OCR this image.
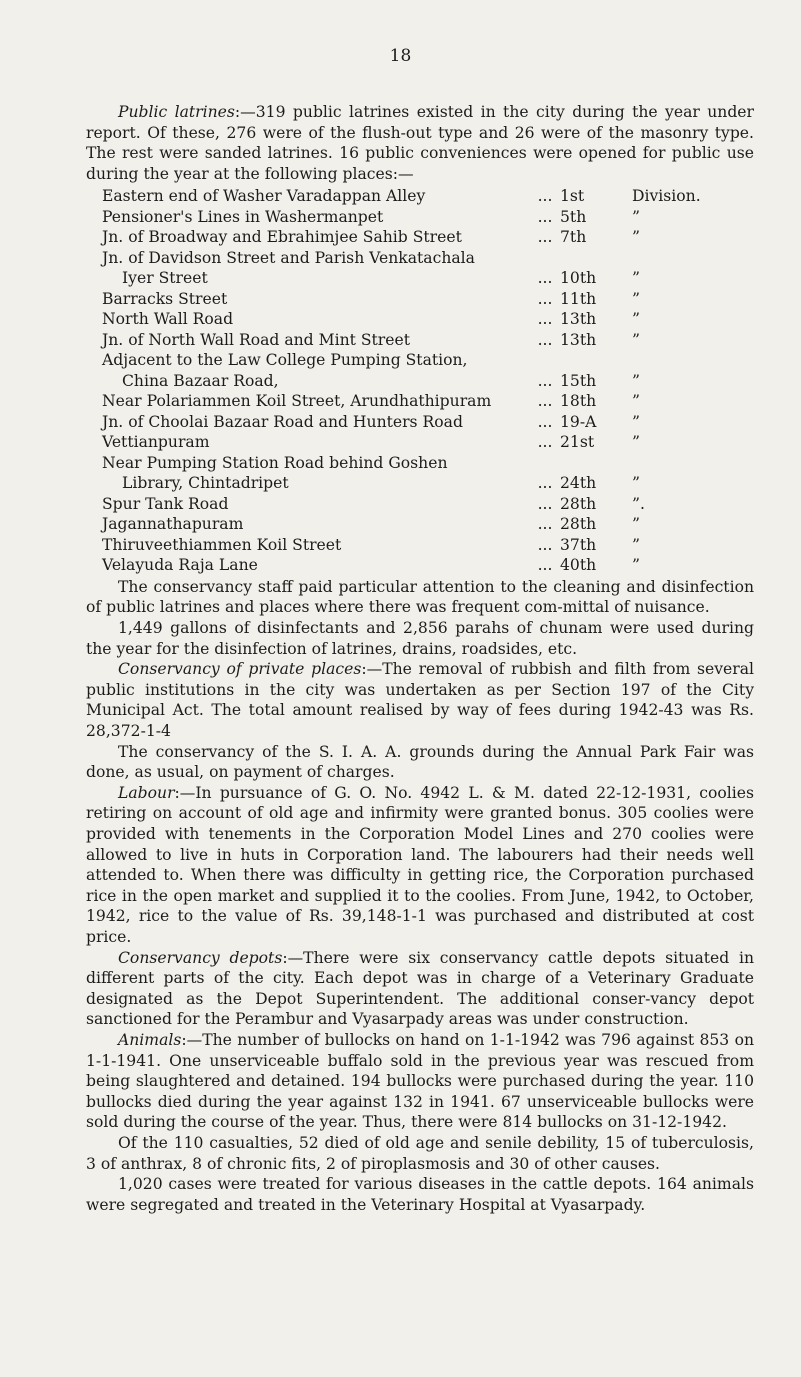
18

Public latrines:—319 public latrines existed in the city during the year under report. Of these, 276 were of the flush-out type and 26 were of the masonry type. The rest were sanded latrines. 16 public conveniences were opened for public use during the year at the following places:—

Eastern end of Washer Varadappan Alley	... 1st	Division.
Pensioner's Lines in Washermanpet	... 5th	”
Jn. of Broadway and Ebrahimjee Sahib Street	... 7th	”
Jn. of Davidson Street and Parish Venkatachala
Iyer Street	... 10th	”
Barracks Street	... 11th	”
North Wall Road	... 13th	”
Jn. of North Wall Road and Mint Street	... 13th	”
Adjacent to the Law College Pumping Station,
China Bazaar Road,	... 15th	”
Near Polariammen Koil Street, Arundhathipuram	... 18th	”
Jn. of Choolai Bazaar Road and Hunters Road	... 19-A	”
Vettianpuram	... 21st	”
Near Pumping Station Road behind Goshen
Library, Chintadripet	... 24th	”
Spur Tank Road	... 28th	”.
Jagannathapuram	... 28th	”
Thiruveethiammen Koil Street	... 37th	”
Velayuda Raja Lane	... 40th	”

The conservancy staff paid particular attention to the cleaning and disinfection of public latrines and places where there was frequent com-mittal of nuisance.

1,449 gallons of disinfectants and 2,856 parahs of chunam were used during the year for the disinfection of latrines, drains, roadsides, etc.

Conservancy of private places:—The removal of rubbish and filth from several public institutions in the city was undertaken as per Section 197 of the City Municipal Act. The total amount realised by way of fees during 1942-43 was Rs. 28,372-1-4

The conservancy of the S. I. A. A. grounds during the Annual Park Fair was done, as usual, on payment of charges.

Labour:—In pursuance of G. O. No. 4942 L. & M. dated 22-12-1931, coolies retiring on account of old age and infirmity were granted bonus. 305 coolies were provided with tenements in the Corporation Model Lines and 270 coolies were allowed to live in huts in Corporation land. The labourers had their needs well attended to. When there was difficulty in getting rice, the Corporation purchased rice in the open market and supplied it to the coolies. From June, 1942, to October, 1942, rice to the value of Rs. 39,148-1-1 was purchased and distributed at cost price.

Conservancy depots:—There were six conservancy cattle depots situated in different parts of the city. Each depot was in charge of a Veterinary Graduate designated as the Depot Superintendent. The additional conser-vancy depot sanctioned for the Perambur and Vyasarpady areas was under construction.

Animals:—The number of bullocks on hand on 1-1-1942 was 796 against 853 on 1-1-1941. One unserviceable buffalo sold in the previous year was rescued from being slaughtered and detained. 194 bullocks were purchased during the year. 110 bullocks died during the year against 132 in 1941. 67 unserviceable bullocks were sold during the course of the year. Thus, there were 814 bullocks on 31-12-1942.

Of the 110 casualties, 52 died of old age and senile debility, 15 of tuberculosis, 3 of anthrax, 8 of chronic fits, 2 of piroplasmosis and 30 of other causes.

1,020 cases were treated for various diseases in the cattle depots. 164 animals were segregated and treated in the Veterinary Hospital at Vyasarpady.
